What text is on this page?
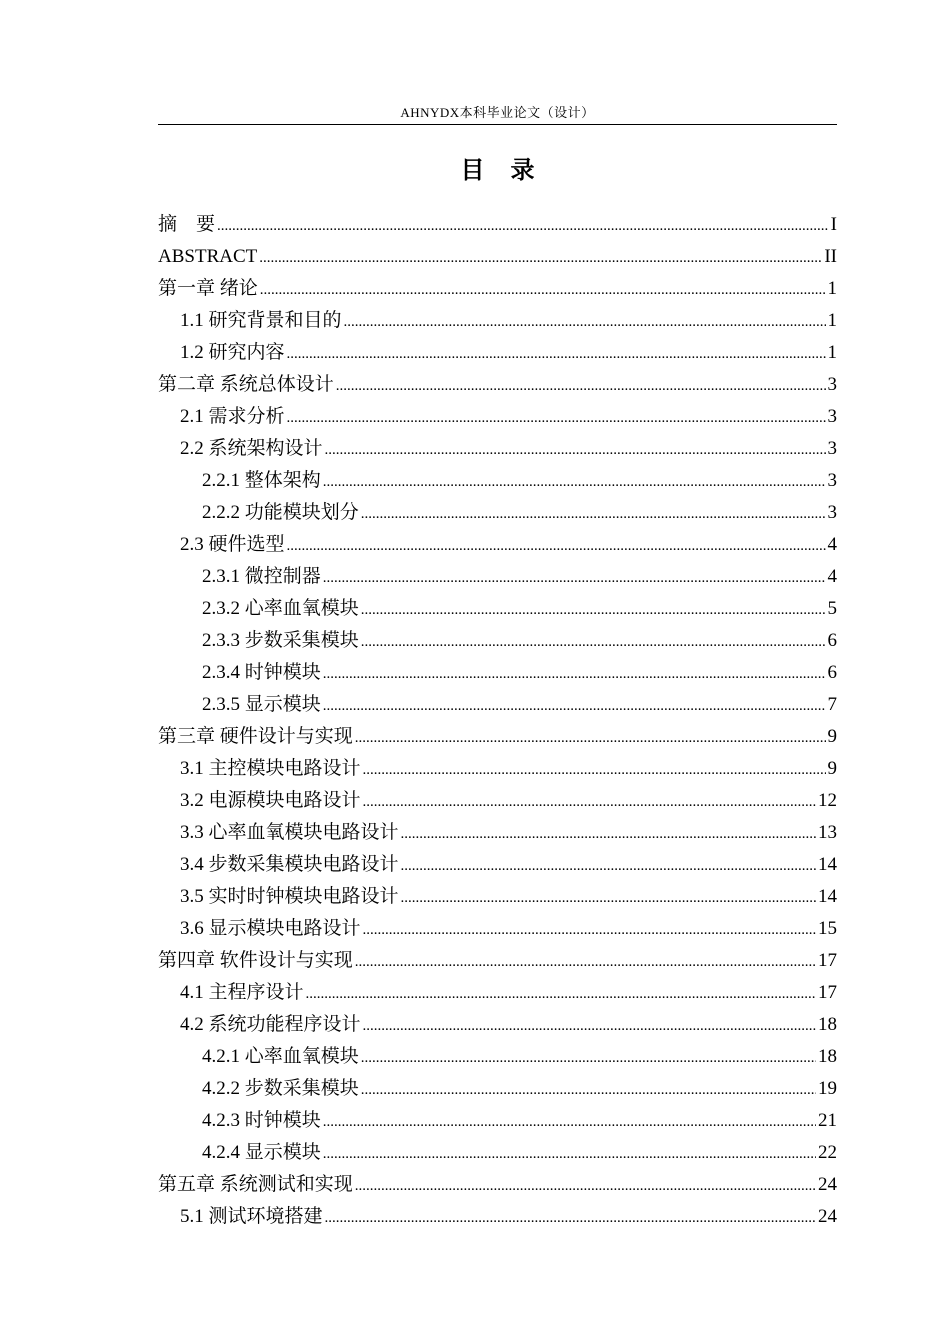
AHNYDX本科毕业论文（设计）
目录
摘　要 .....	I
ABSTRACT .....	II
第一章 绪论 .....	1
1.1 研究背景和目的 .....	1
1.2 研究内容 .....	1
第二章 系统总体设计 .....	3
2.1 需求分析 .....	3
2.2 系统架构设计 .....	3
2.2.1 整体架构 .....	3
2.2.2 功能模块划分 .....	3
2.3 硬件选型 .....	4
2.3.1 微控制器 .....	4
2.3.2 心率血氧模块 .....	5
2.3.3 步数采集模块 .....	6
2.3.4 时钟模块 .....	6
2.3.5 显示模块 .....	7
第三章 硬件设计与实现 .....	9
3.1 主控模块电路设计 .....	9
3.2 电源模块电路设计 .....	12
3.3 心率血氧模块电路设计 .....	13
3.4 步数采集模块电路设计 .....	14
3.5 实时时钟模块电路设计 .....	14
3.6 显示模块电路设计 .....	15
第四章 软件设计与实现 .....	17
4.1 主程序设计 .....	17
4.2 系统功能程序设计 .....	18
4.2.1 心率血氧模块 .....	18
4.2.2 步数采集模块 .....	19
4.2.3 时钟模块 .....	21
4.2.4 显示模块 .....	22
第五章 系统测试和实现 .....	24
5.1 测试环境搭建 .....	24
